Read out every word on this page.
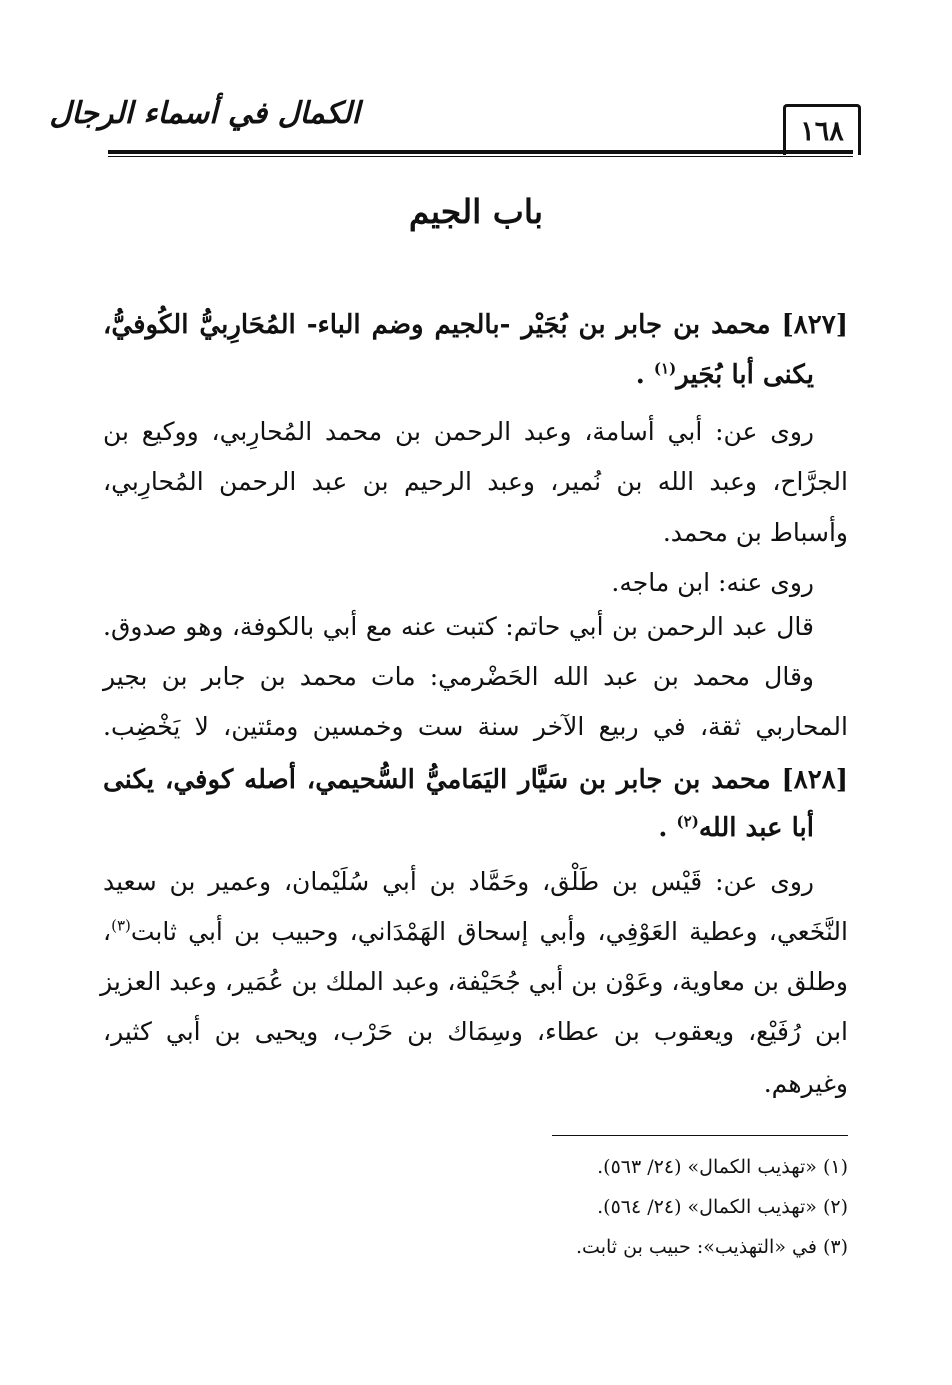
١٦٨
الكمال في أسماء الرجال
باب الجيم
[٨٢٧] محمد بن جابر بن بُجَيْر -بالجيم وضم الباء- المُحَارِبيُّ الكُوفيُّ،
يكنى أبا بُجَير$^{(١)}$ .
روى عن: أبي أسامة، وعبد الرحمن بن محمد المُحارِبي، ووكيع بن
الجرَّاح، وعبد الله بن نُمير، وعبد الرحيم بن عبد الرحمن المُحارِبي،
وأسباط بن محمد.
روى عنه: ابن ماجه.
قال عبد الرحمن بن أبي حاتم: كتبت عنه مع أبي بالكوفة، وهو صدوق.
وقال محمد بن عبد الله الحَضْرمي: مات محمد بن جابر بن بجير
المحاربي ثقة، في ربيع الآخر سنة ست وخمسين ومئتين، لا يَخْضِب.
[٨٢٨] محمد بن جابر بن سَيَّار اليَمَاميُّ السُّحيمي، أصله كوفي، يكنى
أبا عبد الله$^{(٢)}$ .
روى عن: قَيْس بن طَلْق، وحَمَّاد بن أبي سُلَيْمان، وعمير بن سعيد
النَّخَعي، وعطية العَوْفِي، وأبي إسحاق الهَمْدَاني، وحبيب بن أبي ثابت$^{(٣)}$،
وطلق بن معاوية، وعَوْن بن أبي جُحَيْفة، وعبد الملك بن عُمَير، وعبد العزيز
ابن رُفَيْع، ويعقوب بن عطاء، وسِمَاك بن حَرْب، ويحيى بن أبي كثير،
وغيرهم.
(١) «تهذيب الكمال» (٢٤/ ٥٦٣).
(٢) «تهذيب الكمال» (٢٤/ ٥٦٤).
(٣) في «التهذيب»: حبيب بن ثابت.
